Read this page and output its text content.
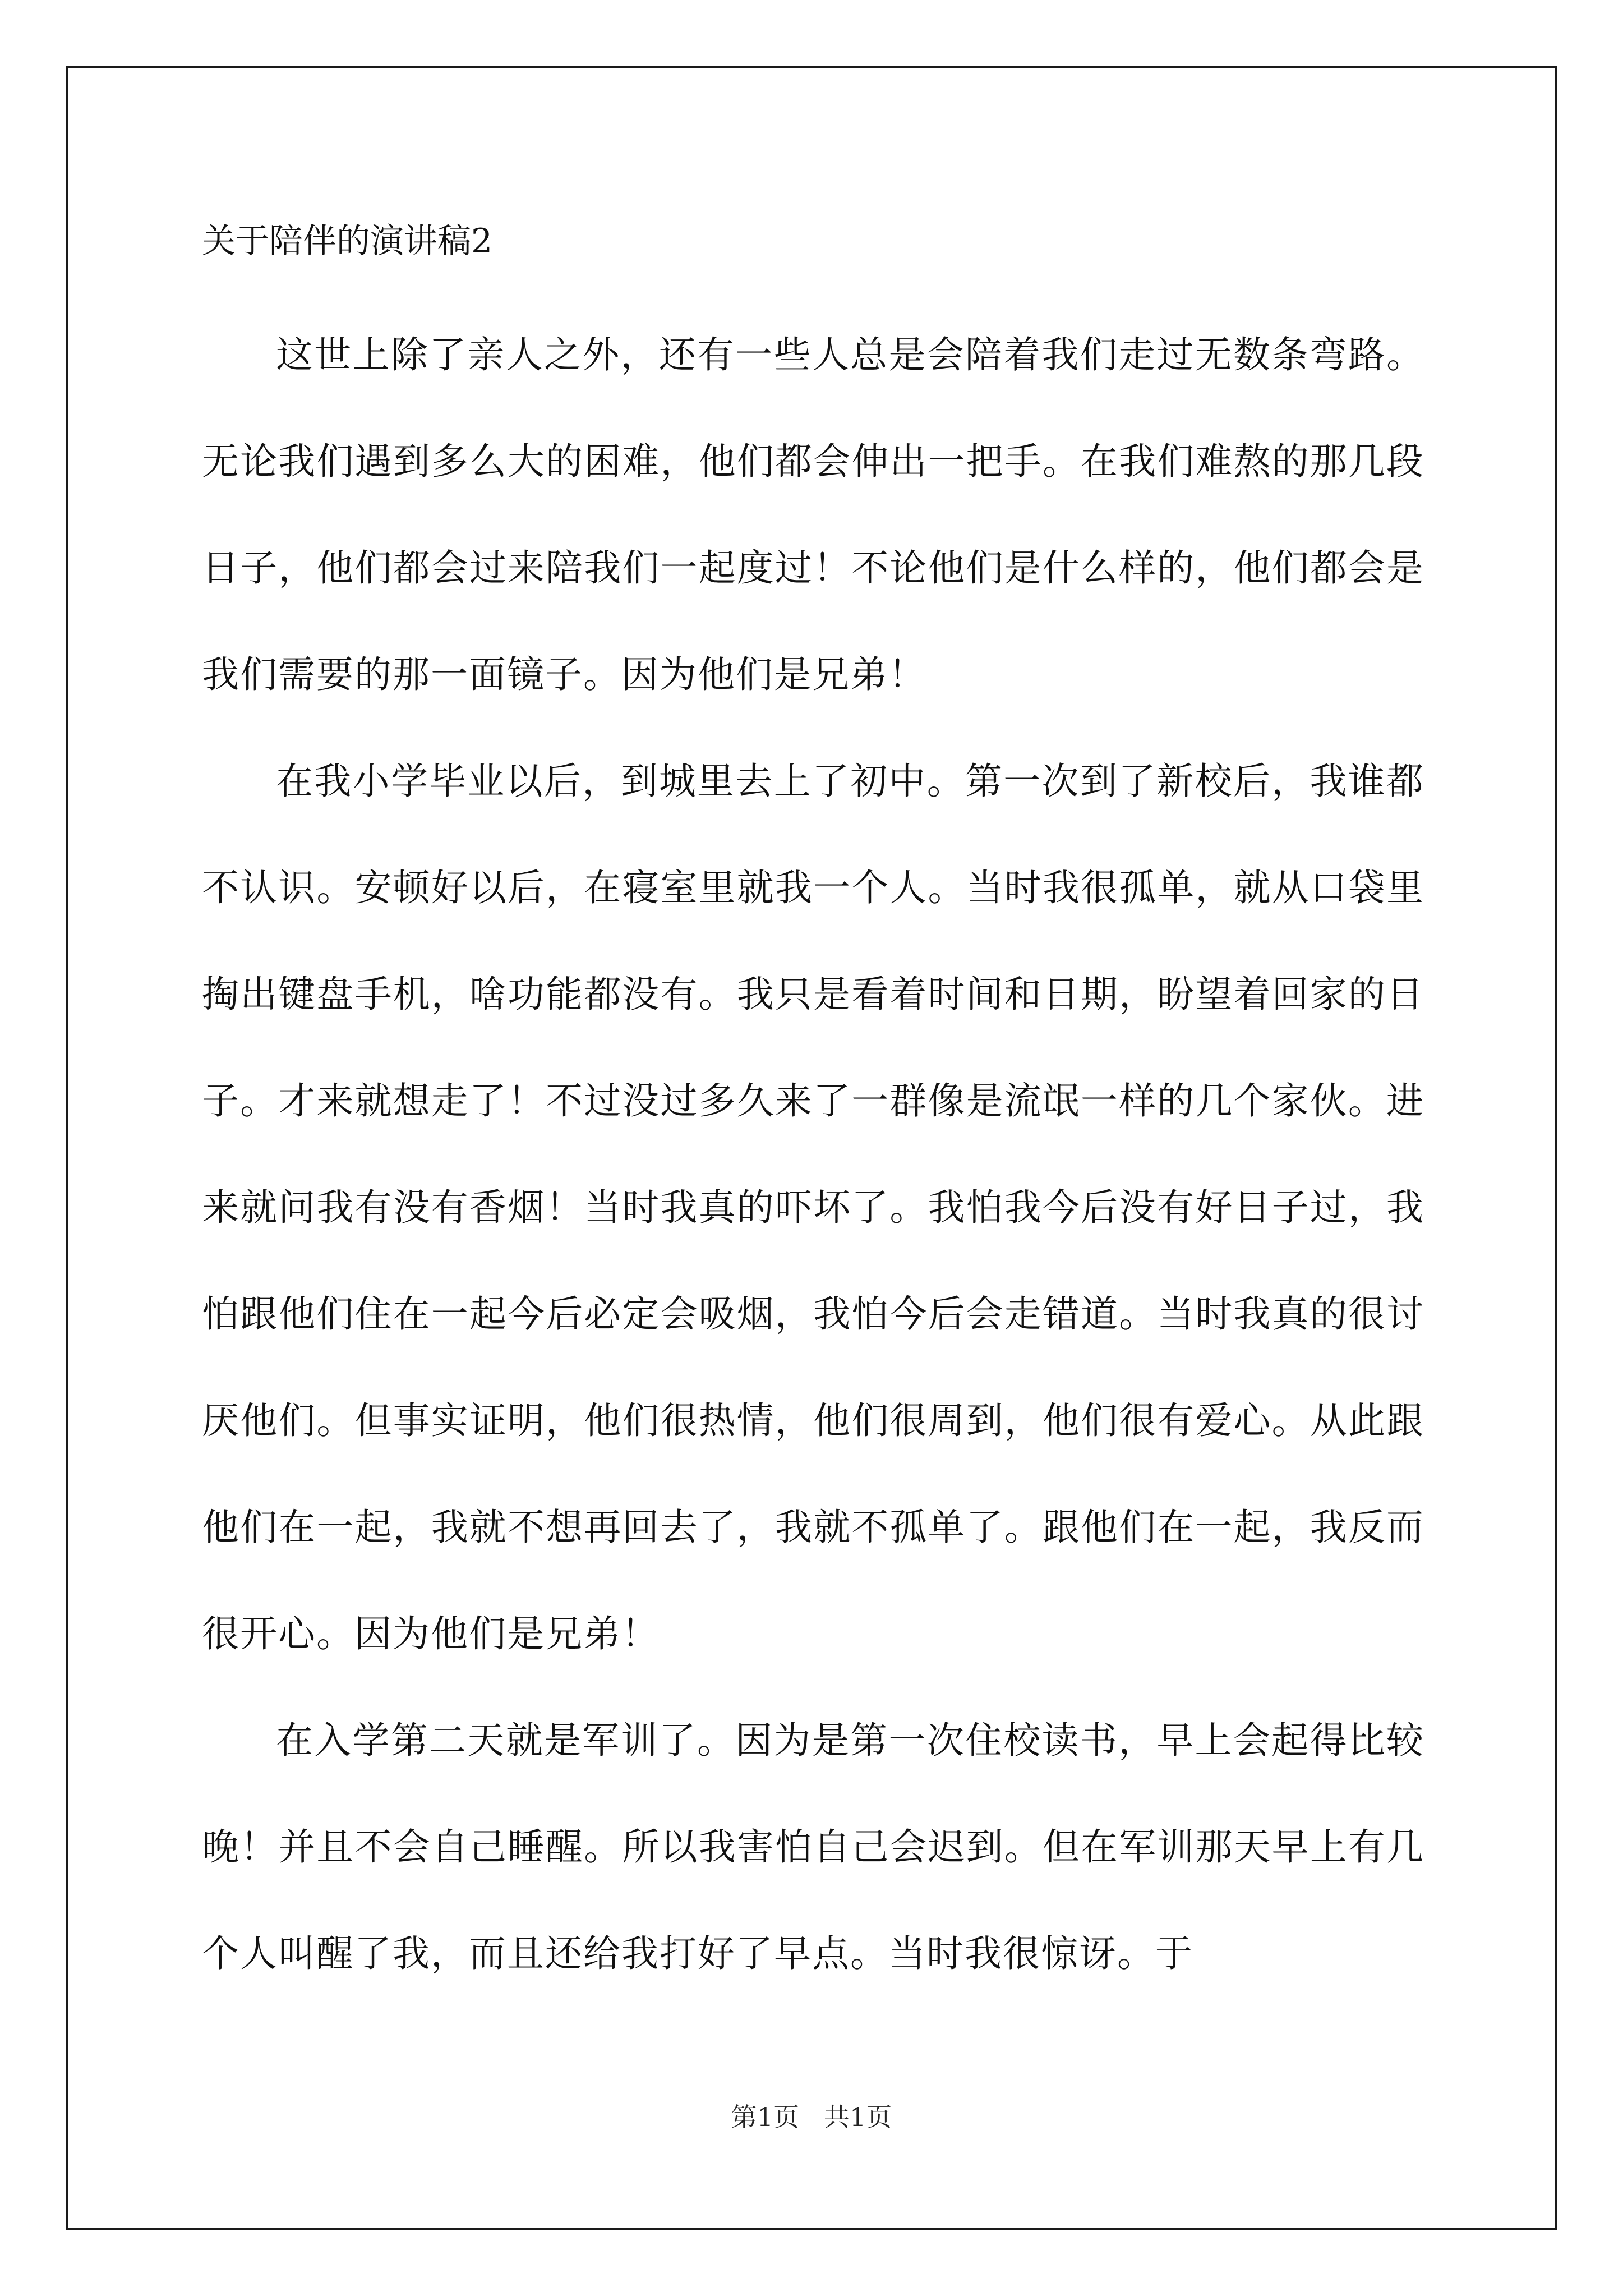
关于陪伴的演讲稿2

这世上除了亲人之外，还有一些人总是会陪着我们走过无数条弯路。无论我们遇到多么大的困难，他们都会伸出一把手。在我们难熬的那几段日子，他们都会过来陪我们一起度过！不论他们是什么样的，他们都会是我们需要的那一面镜子。因为他们是兄弟！

在我小学毕业以后，到城里去上了初中。第一次到了新校后，我谁都不认识。安顿好以后，在寝室里就我一个人。当时我很孤单，就从口袋里掏出键盘手机，啥功能都没有。我只是看着时间和日期，盼望着回家的日子。才来就想走了！不过没过多久来了一群像是流氓一样的几个家伙。进来就问我有没有香烟！当时我真的吓坏了。我怕我今后没有好日子过，我怕跟他们住在一起今后必定会吸烟，我怕今后会走错道。当时我真的很讨厌他们。但事实证明，他们很热情，他们很周到，他们很有爱心。从此跟他们在一起，我就不想再回去了，我就不孤单了。跟他们在一起，我反而很开心。因为他们是兄弟！

在入学第二天就是军训了。因为是第一次住校读书，早上会起得比较晚！并且不会自己睡醒。所以我害怕自己会迟到。但在军训那天早上有几个人叫醒了我，而且还给我打好了早点。当时我很惊讶。于

第1页 共1页
